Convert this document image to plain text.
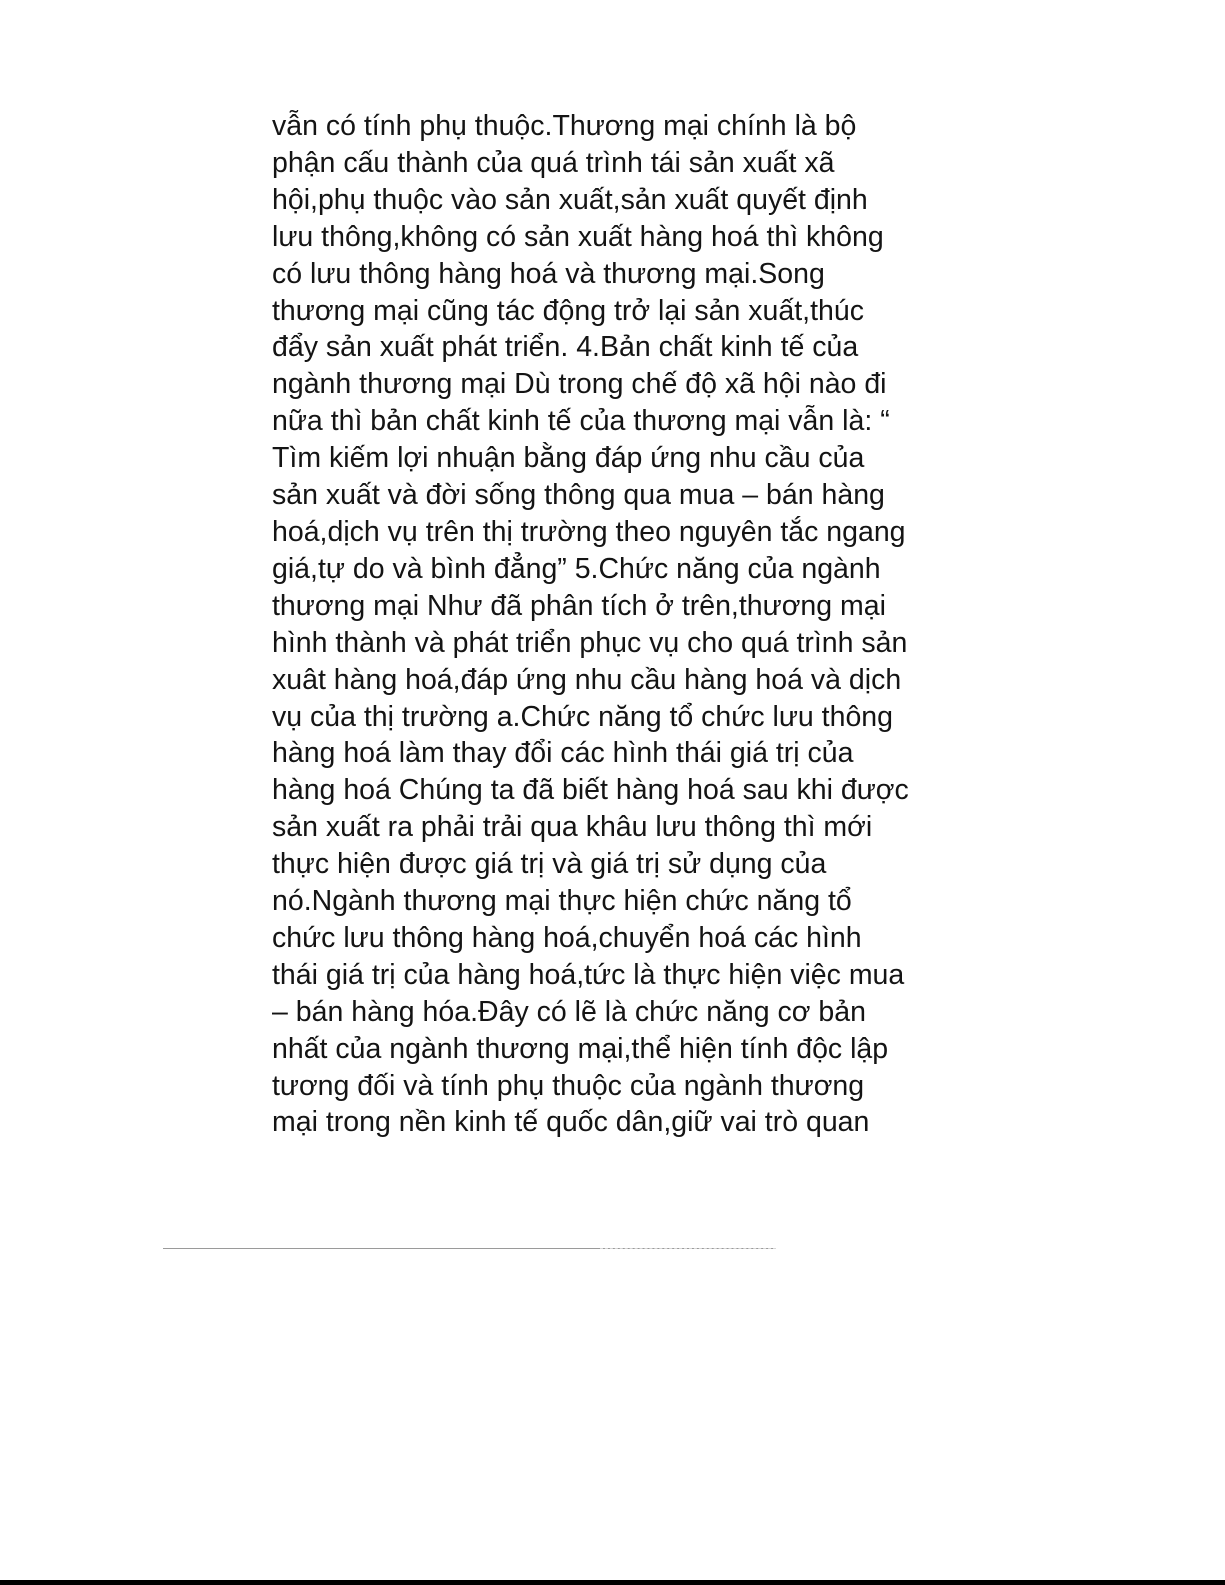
vẫn có tính phụ thuộc.Thương mại chính là bộ
phận cấu thành của quá trình tái sản xuất xã
hội,phụ thuộc vào sản xuất,sản xuất quyết định
lưu thông,không có sản xuất hàng hoá thì không
có lưu thông hàng hoá và thương mại.Song
thương mại cũng tác động trở lại sản xuất,thúc
đẩy sản xuất phát triển. 4.Bản chất kinh tế của
ngành thương mại Dù trong chế độ xã hội nào đi
nữa thì bản chất kinh tế của thương mại vẫn là: “
Tìm kiếm lợi nhuận bằng đáp ứng nhu cầu của
sản xuất và đời sống thông qua mua – bán hàng
hoá,dịch vụ trên thị trường theo nguyên tắc ngang
giá,tự do và bình đẳng” 5.Chức năng của ngành
thương mại Như đã phân tích ở trên,thương mại
hình thành và phát triển phục vụ cho quá trình sản
xuât hàng hoá,đáp ứng nhu cầu hàng hoá và dịch
vụ của thị trường a.Chức năng tổ chức lưu thông
hàng hoá làm thay đổi các hình thái giá trị của
hàng hoá Chúng ta đã biết hàng hoá sau khi được
sản xuất ra phải trải qua khâu lưu thông thì mới
thực hiện được giá trị và giá trị sử dụng của
nó.Ngành thương mại thực hiện chức năng tổ
chức lưu thông hàng hoá,chuyển hoá các hình
thái giá trị của hàng hoá,tức là thực hiện việc mua
– bán hàng hóa.Đây có lẽ là chức năng cơ bản
nhất của ngành thương mại,thể hiện tính độc lập
tương đối và tính phụ thuộc của ngành thương
mại trong nền kinh tế quốc dân,giữ vai trò quan
